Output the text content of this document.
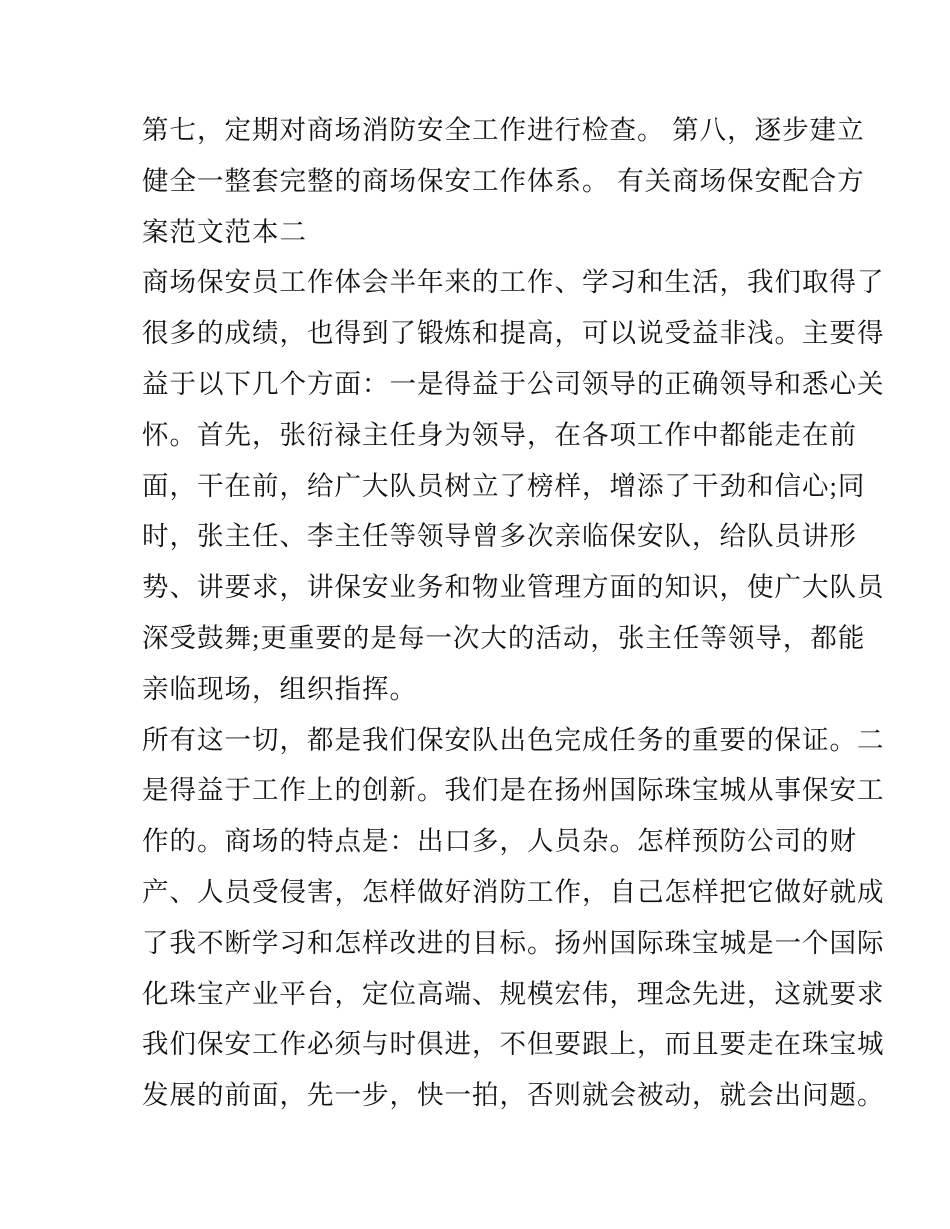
第七，定期对商场消防安全工作进行检查。 第八，逐步建立
健全一整套完整的商场保安工作体系。 有关商场保安配合方
案范文范本二
商场保安员工作体会半年来的工作、学习和生活，我们取得了
很多的成绩，也得到了锻炼和提高，可以说受益非浅。主要得
益于以下几个方面：一是得益于公司领导的正确领导和悉心关
怀。首先，张衍禄主任身为领导，在各项工作中都能走在前
面，干在前，给广大队员树立了榜样，增添了干劲和信心;同
时，张主任、李主任等领导曾多次亲临保安队，给队员讲形
势、讲要求，讲保安业务和物业管理方面的知识，使广大队员
深受鼓舞;更重要的是每一次大的活动，张主任等领导，都能
亲临现场，组织指挥。
所有这一切，都是我们保安队出色完成任务的重要的保证。二
是得益于工作上的创新。我们是在扬州国际珠宝城从事保安工
作的。商场的特点是：出口多，人员杂。怎样预防公司的财
产、人员受侵害，怎样做好消防工作，自己怎样把它做好就成
了我不断学习和怎样改进的目标。扬州国际珠宝城是一个国际
化珠宝产业平台，定位高端、规模宏伟，理念先进，这就要求
我们保安工作必须与时俱进，不但要跟上，而且要走在珠宝城
发展的前面，先一步，快一拍，否则就会被动，就会出问题。
